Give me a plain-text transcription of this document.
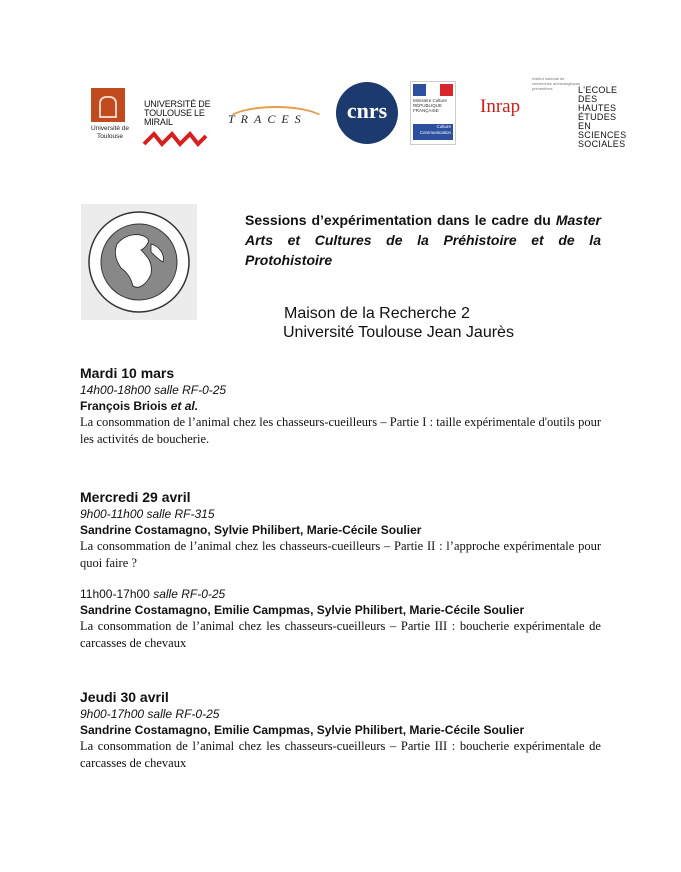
Université de Toulouse
UNIVERSITÉ DE TOULOUSE LE MIRAIL	TRACES	cnrs	Ministère Culture RÉPUBLIQUE FRANÇAISE
Culture Communication
Institut national de recherches archéologiques préventives
Inrap
L'ECOLE DES HAUTES ÉTUDES EN SCIENCES SOCIALES
Sessions d’expérimentation dans le cadre du Master Arts et Cultures de la Préhistoire et de la Protohistoire
Maison de la Recherche 2
Université Toulouse Jean Jaurès
Mardi 10 mars
14h00-18h00 salle RF-0-25
François Briois et al.
La consommation de l’animal chez les chasseurs-cueilleurs – Partie I : taille expérimentale d'outils pour les activités de boucherie.
Mercredi 29 avril
9h00-11h00 salle RF-315
Sandrine Costamagno, Sylvie Philibert, Marie-Cécile Soulier
La consommation de l’animal chez les chasseurs-cueilleurs – Partie II : l’approche expérimentale pour quoi faire ?
11h00-17h00 salle RF-0-25
Sandrine Costamagno, Emilie Campmas, Sylvie Philibert, Marie-Cécile Soulier
La consommation de l’animal chez les chasseurs-cueilleurs – Partie III : boucherie expérimentale de carcasses de chevaux
Jeudi 30 avril
9h00-17h00 salle RF-0-25
Sandrine Costamagno, Emilie Campmas, Sylvie Philibert, Marie-Cécile Soulier
La consommation de l’animal chez les chasseurs-cueilleurs – Partie III : boucherie expérimentale de carcasses de chevaux
